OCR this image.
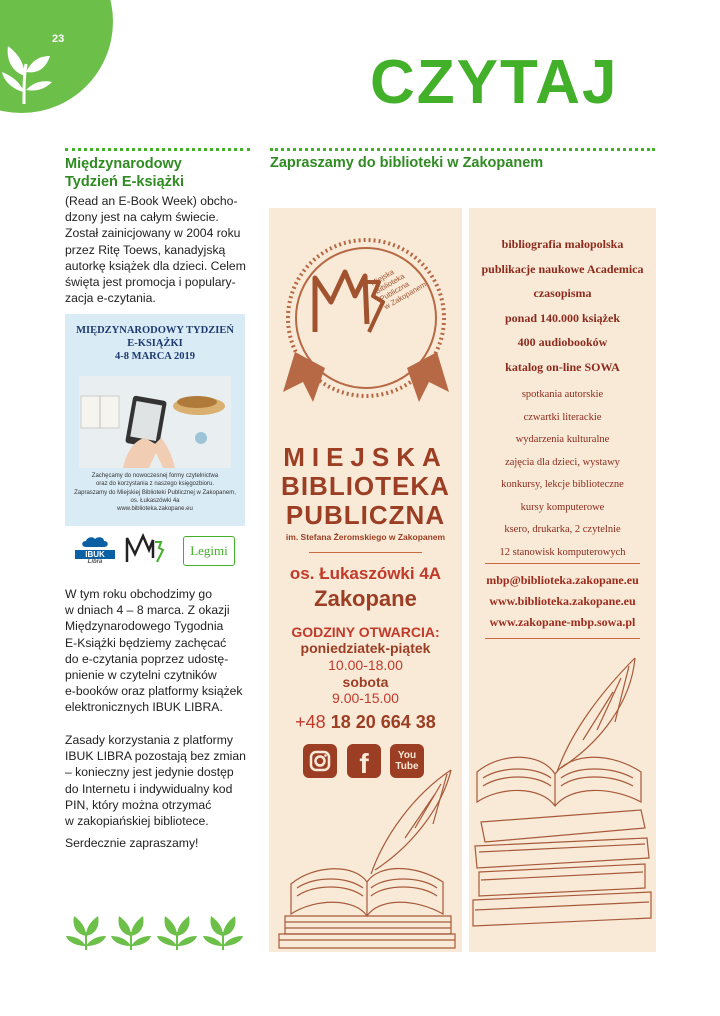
23
CZYTAJ
Międzynarodowy
Tydzień E-książki
Zapraszamy do biblioteki w Zakopanem
(Read an E-Book Week) obcho-
dzony jest na całym świecie.
Został zainicjowany w 2004 roku
przez Ritę Toews, kanadyjską
autorkę książek dla dzieci. Celem
święta jest promocja i populary-
zacja e-czytania.
MIĘDZYNARODOWY TYDZIEŃ
E-KSIĄŻKI
4-8 MARCA 2019
Zachęcamy do nowoczesnej formy czytelnictwa
oraz do korzystania z naszego księgozbioru.
Zapraszamy do Miejskiej Biblioteki Publicznej w Zakopanem,
os. Łukaszówki 4a
www.biblioteka.zakopane.eu
IBUK
Libra
Legimi
W tym roku obchodzimy go
w dniach 4 – 8 marca. Z okazji
Międzynarodowego Tygodnia
E-Książki będziemy zachęcać
do e-czytania poprzez udostę-
pnienie w czytelni czytników
e-booków oraz platformy książek
elektronicznych IBUK LIBRA.
Zasady korzystania z platformy
IBUK LIBRA pozostają bez zmian
– konieczny jest jedynie dostęp
do Internetu i indywidualny kod
PIN, który można otrzymać
w zakopiańskiej bibliotece.
Serdecznie zapraszamy!
Miejska
Biblioteka
Publiczna
w Zakopanem
MIEJSKA
BIBLIOTEKA
PUBLICZNA
im. Stefana Żeromskiego w Zakopanem
os. Łukaszówki 4A
Zakopane
GODZINY OTWARCIA:
poniedziatek-piątek
10.00-18.00
sobota
9.00-15.00
+48 18 20 664 38
f	You
Tube
bibliografia małopolska
publikacje naukowe Academica
czasopisma
ponad 140.000 książek
400 audiobooków
katalog on-line SOWA
spotkania autorskie
czwartki literackie
wydarzenia kulturalne
zajęcia dla dzieci, wystawy
konkursy, lekcje biblioteczne
kursy komputerowe
ksero, drukarka, 2 czytelnie
12 stanowisk komputerowych
mbp@biblioteka.zakopane.eu
www.biblioteka.zakopane.eu
www.zakopane-mbp.sowa.pl
